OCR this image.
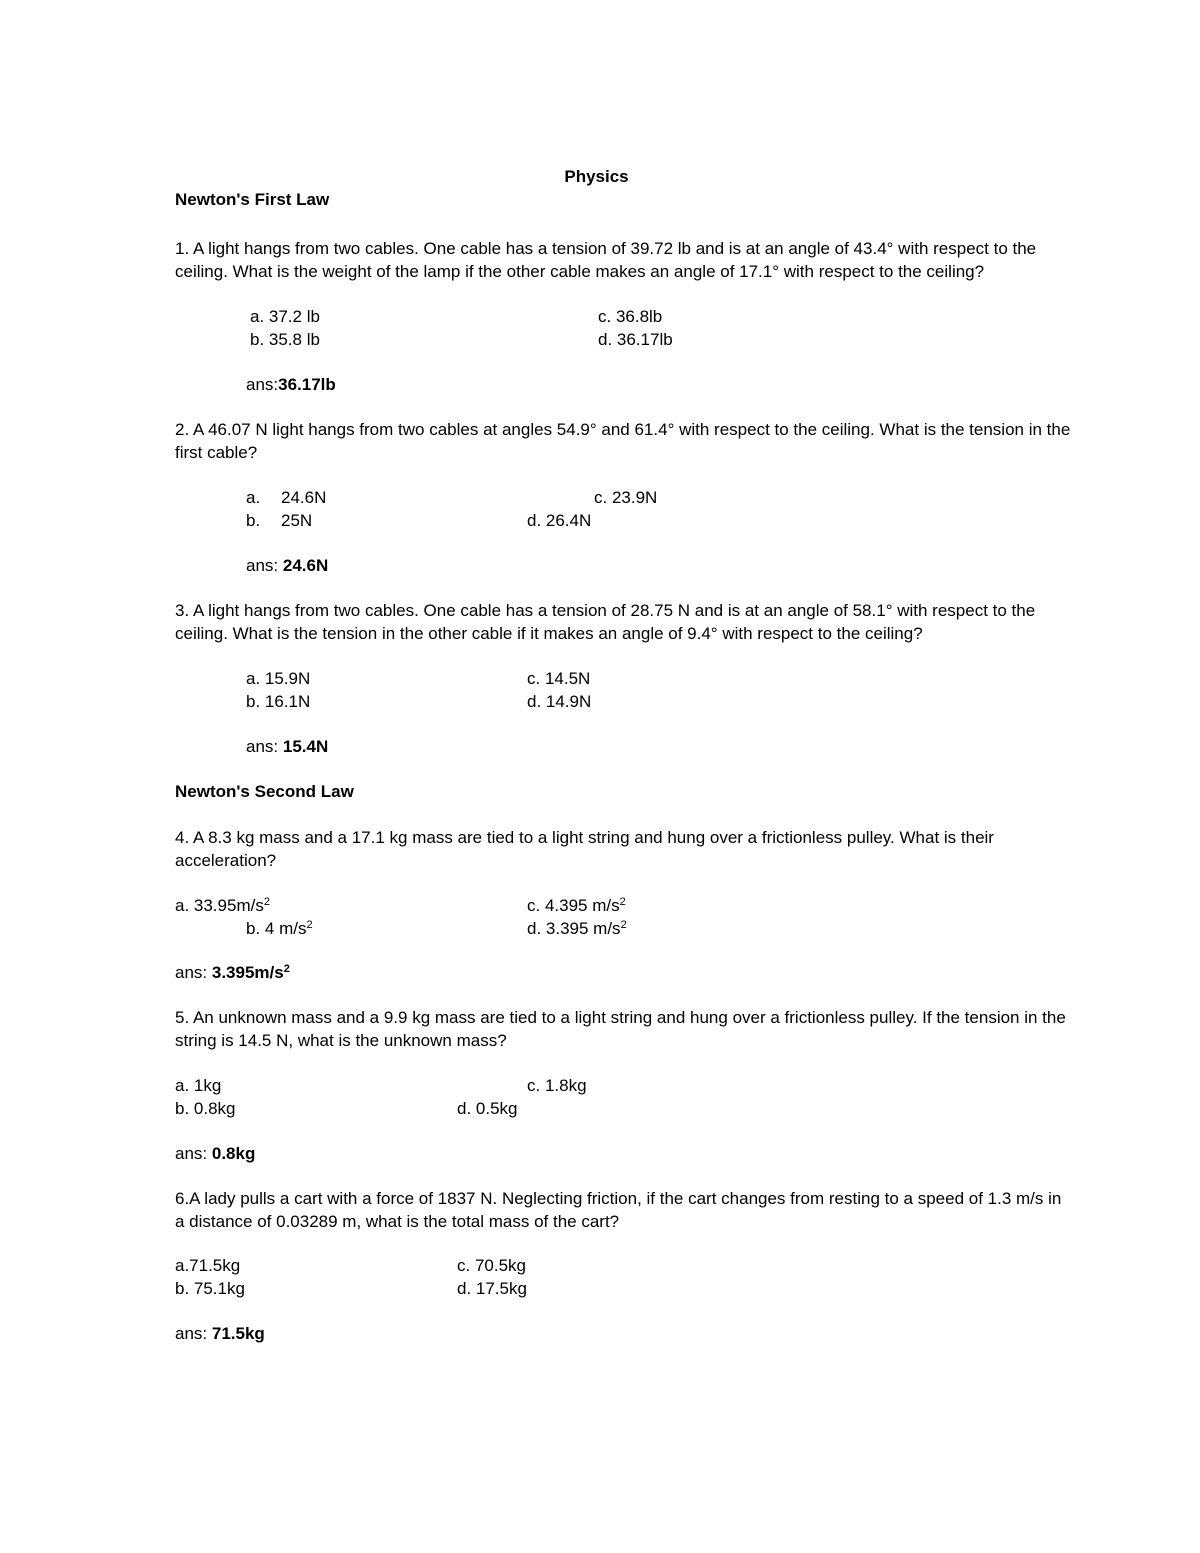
Physics
Newton's First Law
1. A light hangs from two cables. One cable has a tension of 39.72 lb and is at an angle of 43.4° with respect to the
ceiling. What is the weight of the lamp if the other cable makes an angle of 17.1° with respect to the ceiling?
a. 37.2 lb	c. 36.8lb
b. 35.8 lb	d. 36.17lb
ans:36.17lb
2. A 46.07 N light hangs from two cables at angles 54.9° and 61.4° with respect to the ceiling. What is the tension in the
first cable?
a. 24.6N	c. 23.9N
b. 25N	d. 26.4N
ans: 24.6N
3. A light hangs from two cables. One cable has a tension of 28.75 N and is at an angle of 58.1° with respect to the
ceiling. What is the tension in the other cable if it makes an angle of 9.4° with respect to the ceiling?
a. 15.9N	c. 14.5N
b. 16.1N	d. 14.9N
ans: 15.4N
Newton's Second Law
4. A 8.3 kg mass and a 17.1 kg mass are tied to a light string and hung over a frictionless pulley. What is their
acceleration?
a. $33.95m/s^2$	c. 4.395 $m/s^2$
b. 4 $m/s^2$	d. 3.395 $m/s^2$
ans: $3.395m/s^2$
5. An unknown mass and a 9.9 kg mass are tied to a light string and hung over a frictionless pulley. If the tension in the
string is 14.5 N, what is the unknown mass?
a. 1kg	c. 1.8kg
b. 0.8kg	d. 0.5kg
ans: 0.8kg
6.A lady pulls a cart with a force of 1837 N. Neglecting friction, if the cart changes from resting to a speed of 1.3 m/s in
a distance of 0.03289 m, what is the total mass of the cart?
a.71.5kg	c. 70.5kg
b. 75.1kg	d. 17.5kg
ans: 71.5kg
